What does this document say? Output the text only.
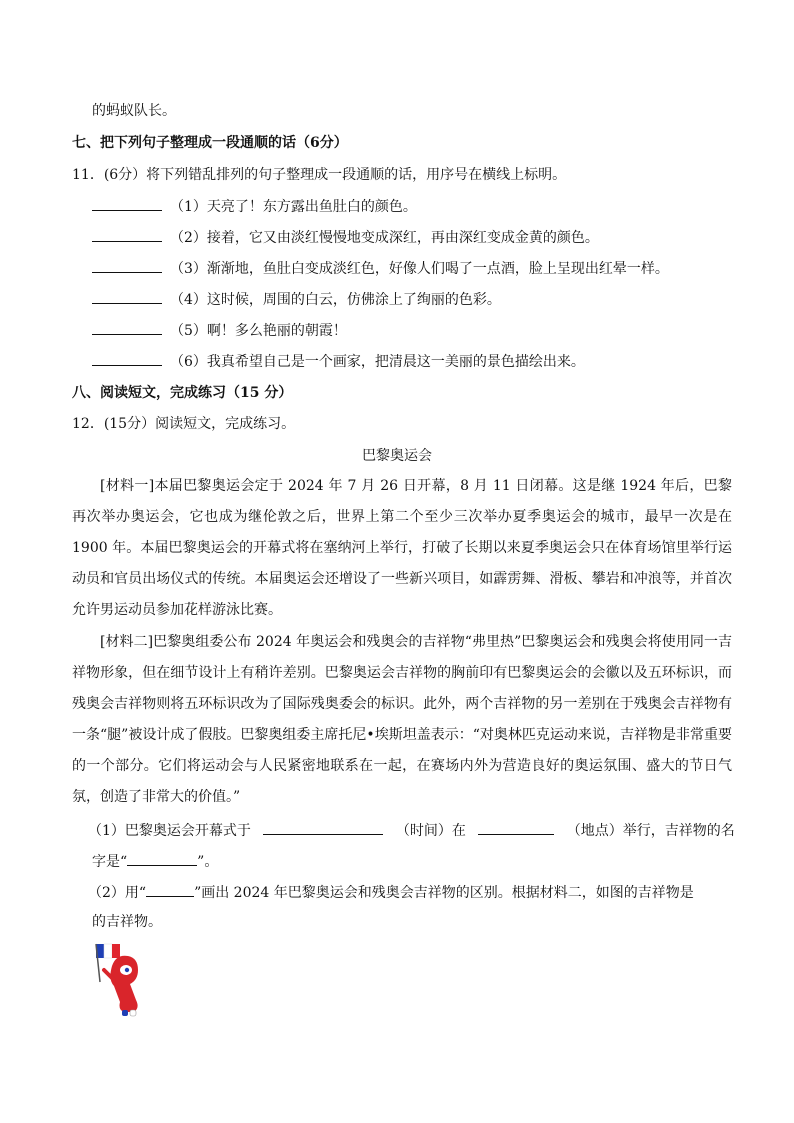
的蚂蚁队长。
七、把下列句子整理成一段通顺的话（6分）
11．(6分）将下列错乱排列的句子整理成一段通顺的话，用序号在横线上标明。
（1）天亮了！东方露出鱼肚白的颜色。
（2）接着，它又由淡红慢慢地变成深红，再由深红变成金黄的颜色。
（3）渐渐地，鱼肚白变成淡红色，好像人们喝了一点酒，脸上呈现出红晕一样。
（4）这时候，周围的白云，仿佛涂上了绚丽的色彩。
（5）啊！多么艳丽的朝霞！
（6）我真希望自己是一个画家，把清晨这一美丽的景色描绘出来。
八、阅读短文，完成练习（15 分）
12．(15分）阅读短文，完成练习。
巴黎奥运会
[材料一]本届巴黎奥运会定于 2024 年 7 月 26 日开幕，8 月 11 日闭幕。这是继 1924 年后，巴黎再次举办奥运会，它也成为继伦敦之后，世界上第二个至少三次举办夏季奥运会的城市，最早一次是在 1900 年。本届巴黎奥运会的开幕式将在塞纳河上举行，打破了长期以来夏季奥运会只在体育场馆里举行运动员和官员出场仪式的传统。本届奥运会还增设了一些新兴项目，如霹雳舞、滑板、攀岩和冲浪等，并首次允许男运动员参加花样游泳比赛。
[材料二]巴黎奥组委公布 2024 年奥运会和残奥会的吉祥物“弗里热”巴黎奥运会和残奥会将使用同一吉祥物形象，但在细节设计上有稍许差别。巴黎奥运会吉祥物的胸前印有巴黎奥运会的会徽以及五环标识，而残奥会吉祥物则将五环标识改为了国际残奥委会的标识。此外，两个吉祥物的另一差别在于残奥会吉祥物有一条“腿”被设计成了假肢。巴黎奥组委主席托尼•埃斯坦盖表示：“对奥林匹克运动来说，吉祥物是非常重要的一个部分。它们将运动会与人民紧密地联系在一起，在赛场内外为营造良好的奥运氛围、盛大的节日气氛，创造了非常大的价值。”
（1）巴黎奥运会开幕式于	（时间）在	（地点）举行，吉祥物的名
字是“	”。
（2）用“	”画出 2024 年巴黎奥运会和残奥会吉祥物的区别。根据材料二，如图的吉祥物是
的吉祥物。
